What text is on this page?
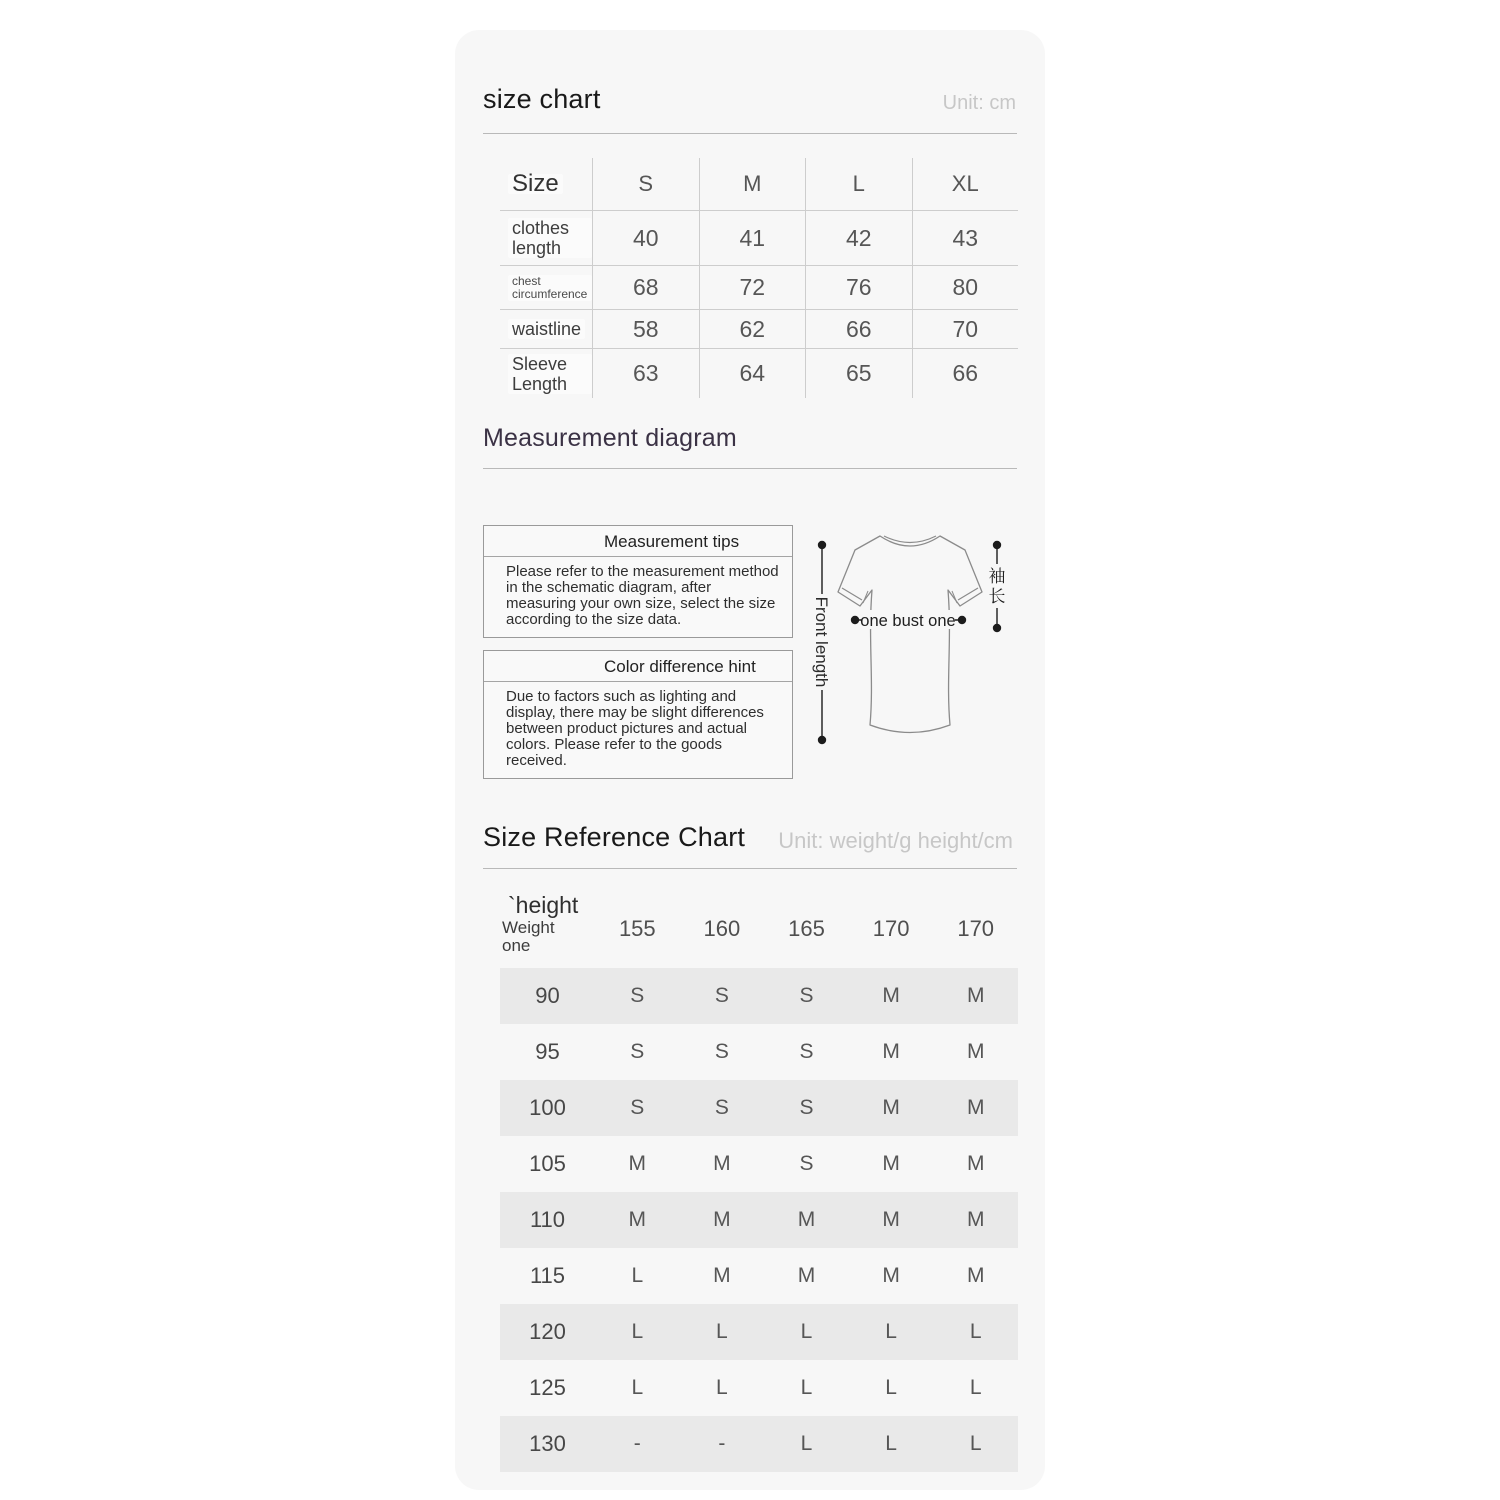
size chart	Unit: cm
Size	S	M	L	XL
clothes length	40	41	42	43
chest circumference	68	72	76	80
waistline	58	62	66	70
Sleeve Length	63	64	65	66
Measurement diagram
Measurement tips
Please refer to the measurement method in the schematic diagram, after measuring your own size, select the size according to the size data.
Color difference hint
Due to factors such as lighting and display, there may be slight differences between product pictures and actual colors. Please refer to the goods received.
Front length
袖
长
one bust one
Size Reference Chart Unit: weight/g height/cm
`height
Weight
one
155	160	165	170	170
90	S	S	S	M	M
95	S	S	S	M	M
100	S	S	S	M	M
105	M	M	S	M	M
110	M	M	M	M	M
115	L	M	M	M	M
120	L	L	L	L	L
125	L	L	L	L	L
130	-	-	L	L	L
